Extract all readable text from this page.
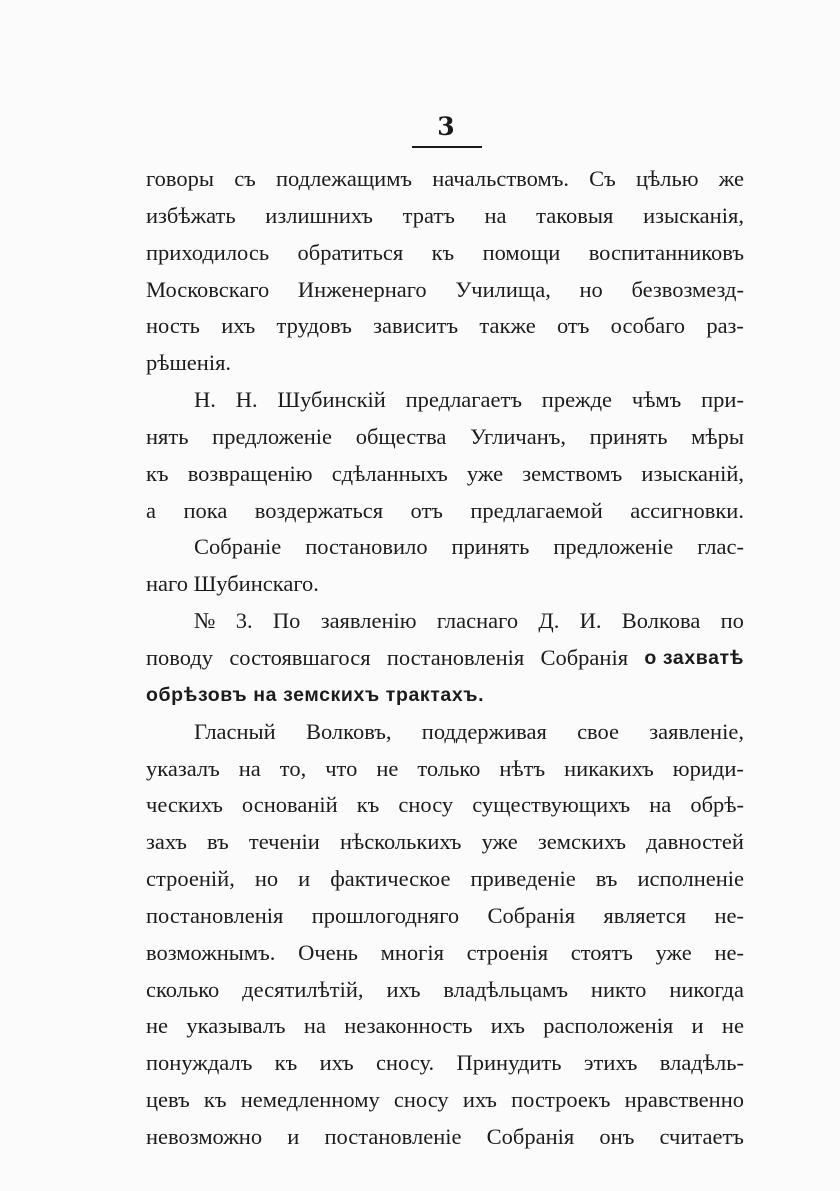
3
говоры съ подлежащимъ начальствомъ. Съ цѣлью же
избѣжать излишнихъ тратъ на таковыя изысканія,
приходилось обратиться къ помощи воспитанниковъ
Московскаго Инженернаго Училища, но безвозмезд-
ность ихъ трудовъ зависитъ также отъ особаго раз-
рѣшенія.
Н. Н. Шубинскій предлагаетъ прежде чѣмъ при-
нять предложеніе общества Угличанъ, принять мѣры
къ возвращенію сдѣланныхъ уже земствомъ изысканій,
а пока воздержаться отъ предлагаемой ассигновки.
Собраніе постановило принять предложеніе глас-
наго Шубинскаго.
№ 3. По заявленію гласнаго Д. И. Волкова по
поводу состоявшагося постановленія Собранія о захватѣ
обрѣзовъ на земскихъ трактахъ.
Гласный Волковъ, поддерживая свое заявленіе,
указалъ на то, что не только нѣтъ никакихъ юриди-
ческихъ основаній къ сносу существующихъ на обрѣ-
захъ въ теченіи нѣсколькихъ уже земскихъ давностей
строеній, но и фактическое приведеніе въ исполненіе
постановленія прошлогодняго Собранія является не-
возможнымъ. Очень многія строенія стоятъ уже не-
сколько десятилѣтій, ихъ владѣльцамъ никто никогда
не указывалъ на незаконность ихъ расположенія и не
понуждалъ къ ихъ сносу. Принудить этихъ владѣль-
цевъ къ немедленному сносу ихъ построекъ нравственно
невозможно и постановленіе Собранія онъ считаетъ
